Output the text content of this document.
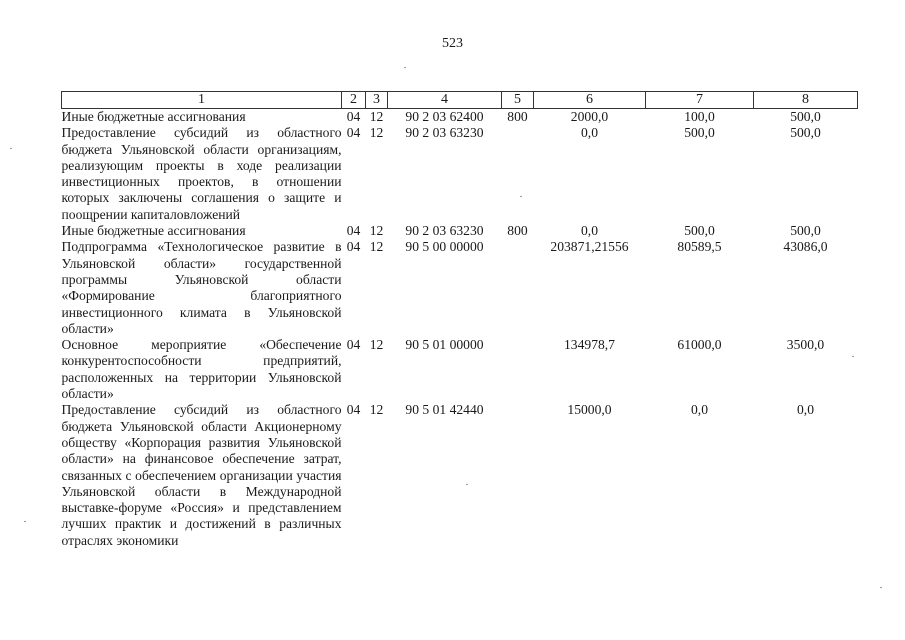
523
1	2	3	4	5	6	7	8
Иные бюджетные ассигнования	04	12	90 2 03 62400	800	2000,0	100,0	500,0
Предоставление субсидий из областного бюджета Ульяновской области организациям, реализующим проекты в ходе реализации инвестиционных проектов, в отношении которых заключены соглашения о защите и поощрении капиталовложений	04	12	90 2 03 63230		0,0	500,0	500,0
Иные бюджетные ассигнования	04	12	90 2 03 63230	800	0,0	500,0	500,0
Подпрограмма «Технологическое развитие в Ульяновской области» государственной программы Ульяновской области «Формирование благоприятного инвестиционного климата в Ульяновской области»	04	12	90 5 00 00000		203871,21556	80589,5	43086,0
Основное мероприятие «Обеспечение конкурентоспособности предприятий, расположенных на территории Ульяновской области»	04	12	90 5 01 00000		134978,7	61000,0	3500,0
Предоставление субсидий из областного бюджета Ульяновской области Акционерному обществу «Корпорация развития Ульяновской области» на финансовое обеспечение затрат, связанных с обеспечением организации участия Ульяновской области в Международной выставке-форуме «Россия» и представлением лучших практик и достижений в различных отраслях экономики	04	12	90 5 01 42440		15000,0	0,0	0,0
